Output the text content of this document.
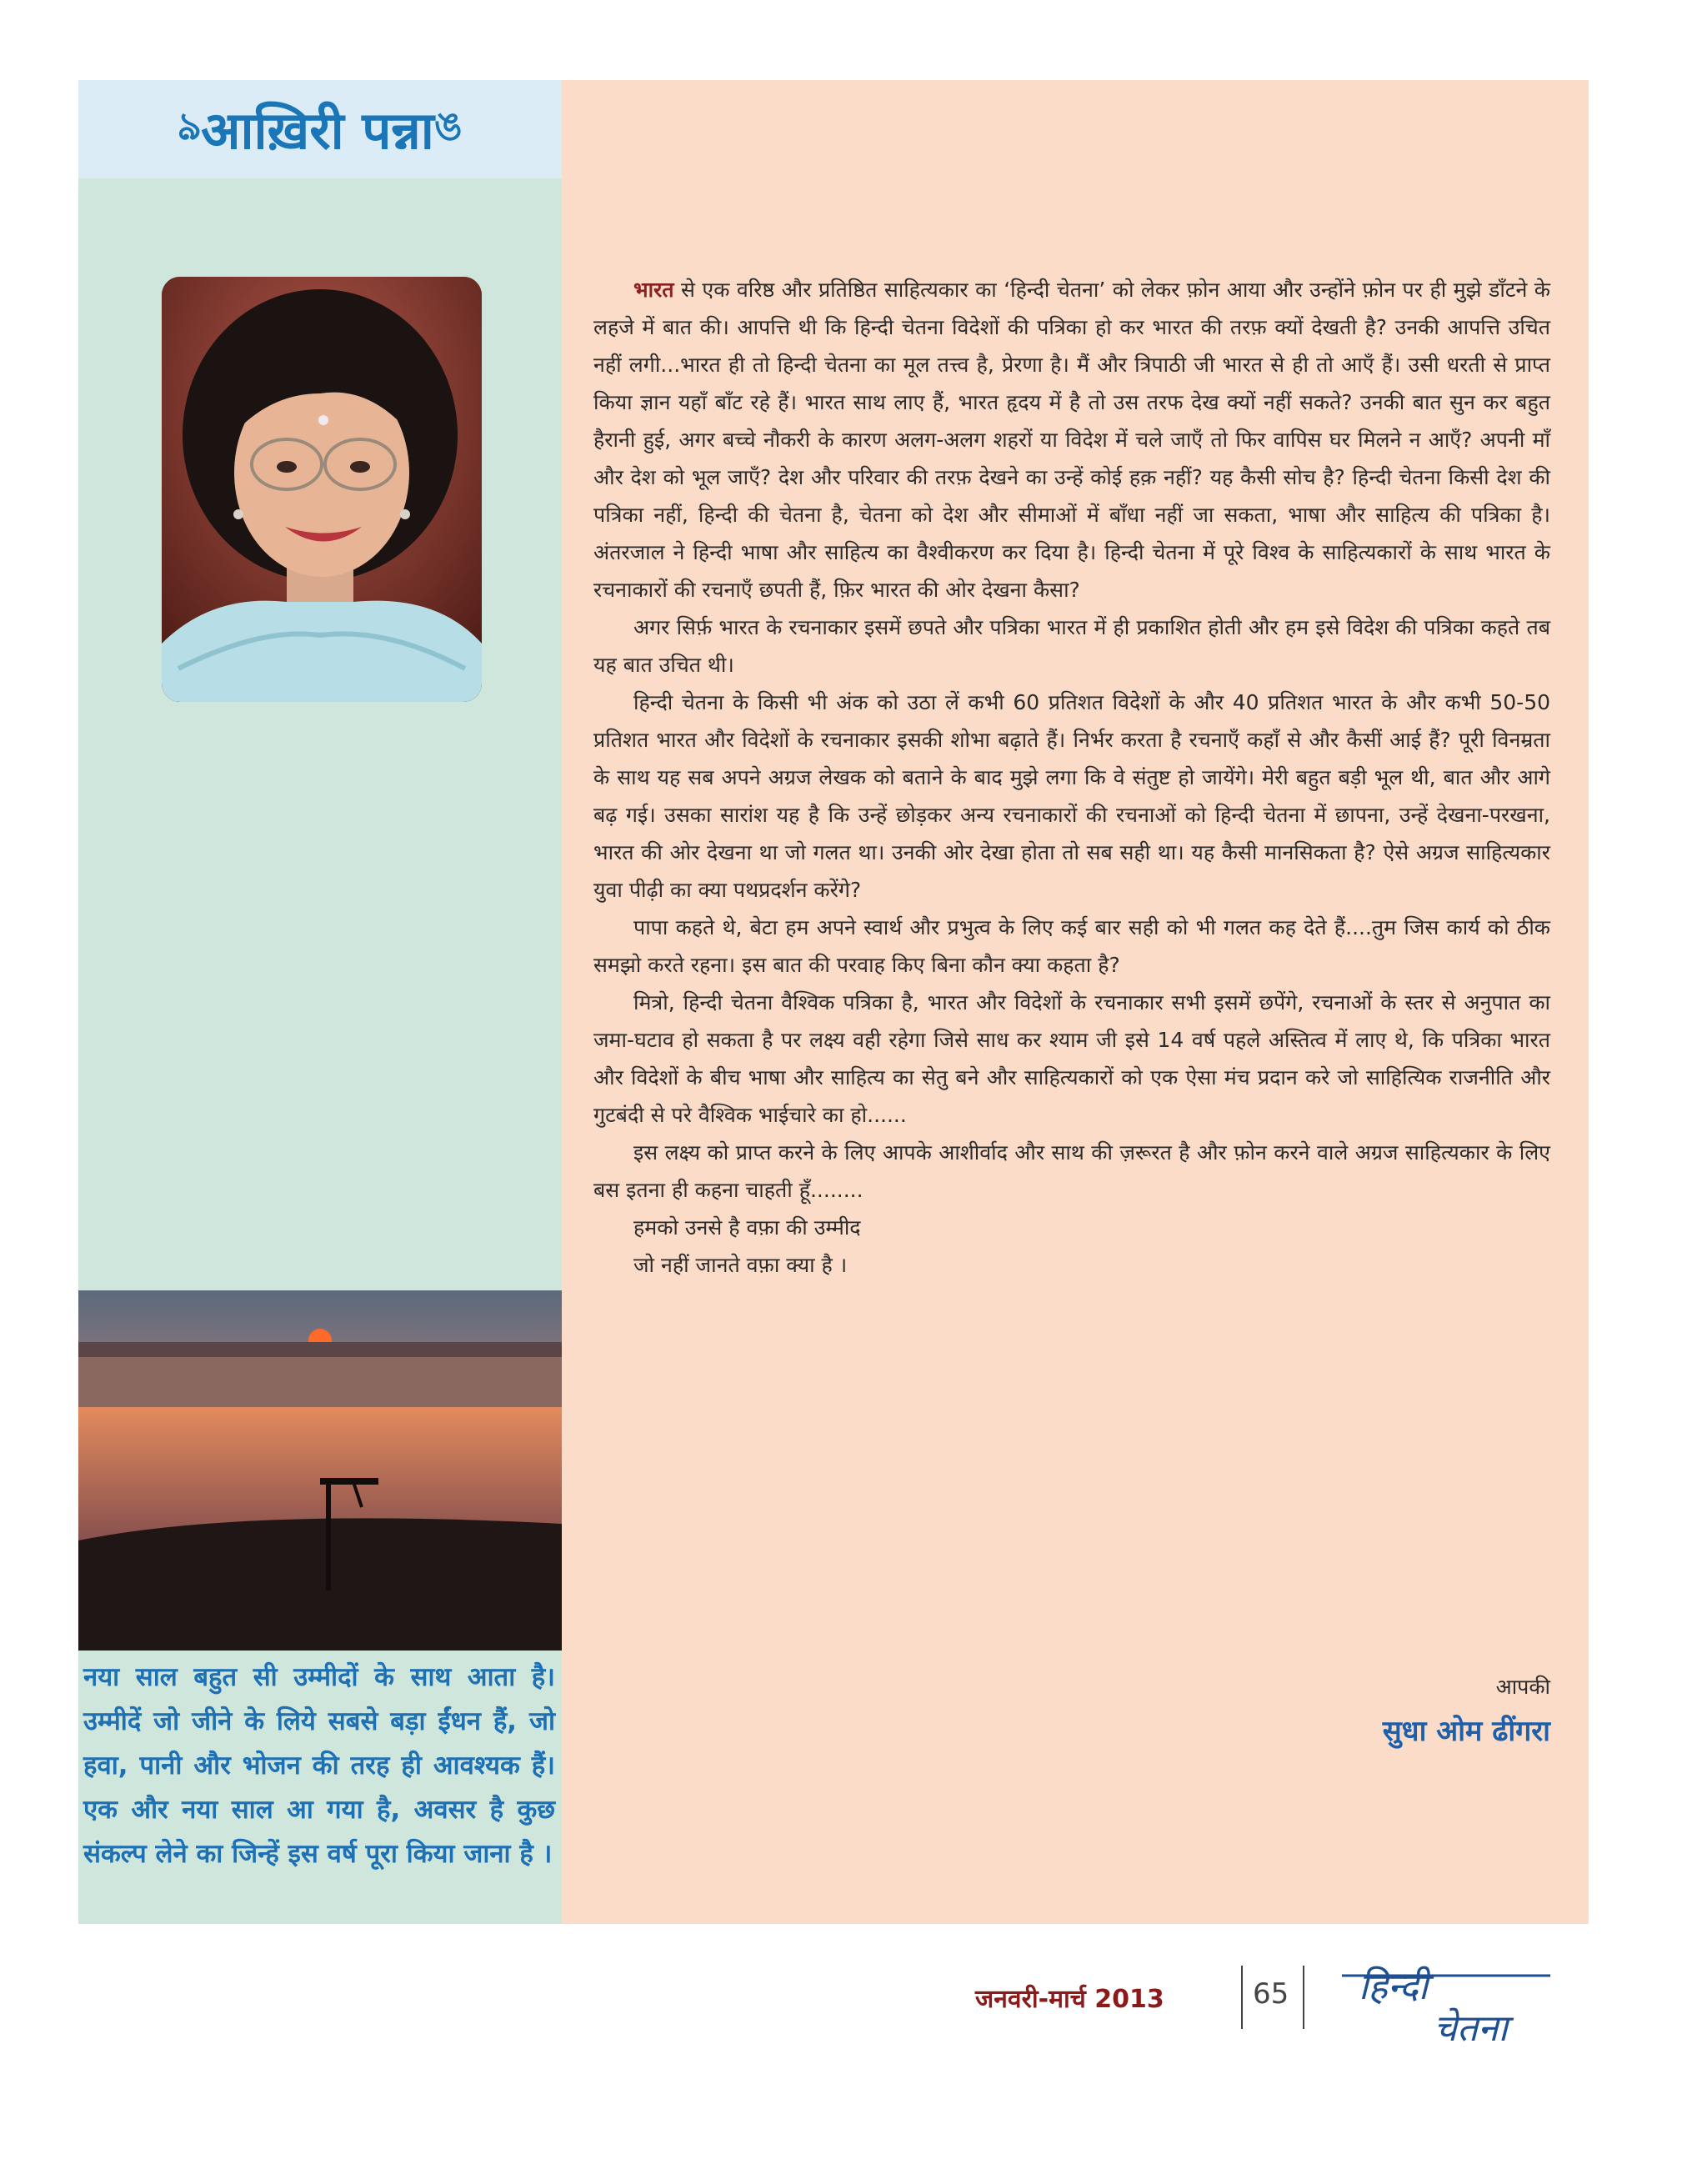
ঌ आख़िरी पन्ना ঙ
नया साल बहुत सी उम्मीदों के साथ आता है। उम्मीदें जो जीने के लिये सबसे बड़ा ईंधन हैं, जो हवा, पानी और भोजन की तरह ही आवश्यक हैं। एक और नया साल आ गया है, अवसर है कुछ संकल्प लेने का जिन्हें इस वर्ष पूरा किया जाना है ।

भारत से एक वरिष्ठ और प्रतिष्ठित साहित्यकार का ‘हिन्दी चेतना’ को लेकर फ़ोन आया और उन्होंने फ़ोन पर ही मुझे डाँटने के लहजे में बात की। आपत्ति थी कि हिन्दी चेतना विदेशों की पत्रिका हो कर भारत की तरफ़ क्यों देखती है? उनकी आपत्ति उचित नहीं लगी...भारत ही तो हिन्दी चेतना का मूल तत्त्व है, प्रेरणा है। मैं और त्रिपाठी जी भारत से ही तो आएँ हैं। उसी धरती से प्राप्त किया ज्ञान यहाँ बाँट रहे हैं। भारत साथ लाए हैं, भारत हृदय में है तो उस तरफ देख क्यों नहीं सकते? उनकी बात सुन कर बहुत हैरानी हुई, अगर बच्चे नौकरी के कारण अलग-अलग शहरों या विदेश में चले जाएँ तो फिर वापिस घर मिलने न आएँ? अपनी माँ और देश को भूल जाएँ? देश और परिवार की तरफ़ देखने का उन्हें कोई हक़ नहीं? यह कैसी सोच है? हिन्दी चेतना किसी देश की पत्रिका नहीं, हिन्दी की चेतना है, चेतना को देश और सीमाओं में बाँधा नहीं जा सकता, भाषा और साहित्य की पत्रिका है। अंतरजाल ने हिन्दी भाषा और साहित्य का वैश्वीकरण कर दिया है। हिन्दी चेतना में पूरे विश्व के साहित्यकारों के साथ भारत के रचनाकारों की रचनाएँ छपती हैं, फ़िर भारत की ओर देखना कैसा?

अगर सिर्फ़ भारत के रचनाकार इसमें छपते और पत्रिका भारत में ही प्रकाशित होती और हम इसे विदेश की पत्रिका कहते तब यह बात उचित थी।

हिन्दी चेतना के किसी भी अंक को उठा लें कभी 60 प्रतिशत विदेशों के और 40 प्रतिशत भारत के और कभी 50-50 प्रतिशत भारत और विदेशों के रचनाकार इसकी शोभा बढ़ाते हैं। निर्भर करता है रचनाएँ कहाँ से और कैसीं आई हैं? पूरी विनम्रता के साथ यह सब अपने अग्रज लेखक को बताने के बाद मुझे लगा कि वे संतुष्ट हो जायेंगे। मेरी बहुत बड़ी भूल थी, बात और आगे बढ़ गई। उसका सारांश यह है कि उन्हें छोड़कर अन्य रचनाकारों की रचनाओं को हिन्दी चेतना में छापना, उन्हें देखना-परखना, भारत की ओर देखना था जो गलत था। उनकी ओर देखा होता तो सब सही था। यह कैसी मानसिकता है? ऐसे अग्रज साहित्यकार युवा पीढ़ी का क्या पथप्रदर्शन करेंगे?

पापा कहते थे, बेटा हम अपने स्वार्थ और प्रभुत्व के लिए कई बार सही को भी गलत कह देते हैं....तुम जिस कार्य को ठीक समझो करते रहना। इस बात की परवाह किए बिना कौन क्या कहता है?

मित्रो, हिन्दी चेतना वैश्विक पत्रिका है, भारत और विदेशों के रचनाकार सभी इसमें छपेंगे, रचनाओं के स्तर से अनुपात का जमा-घटाव हो सकता है पर लक्ष्य वही रहेगा जिसे साध कर श्याम जी इसे 14 वर्ष पहले अस्तित्व में लाए थे, कि पत्रिका भारत और विदेशों के बीच भाषा और साहित्य का सेतु बने और साहित्यकारों को एक ऐसा मंच प्रदान करे जो साहित्यिक राजनीति और गुटबंदी से परे वैश्विक भाईचारे का हो......

इस लक्ष्य को प्राप्त करने के लिए आपके आशीर्वाद और साथ की ज़रूरत है और फ़ोन करने वाले अग्रज साहित्यकार के लिए बस इतना ही कहना चाहती हूँ........

हमको उनसे है वफ़ा की उम्मीद

जो नहीं जानते वफ़ा क्या है ।

आपकी
सुधा ओम ढींगरा
जनवरी-मार्च 2013	65 हिन्दी
चेतना
